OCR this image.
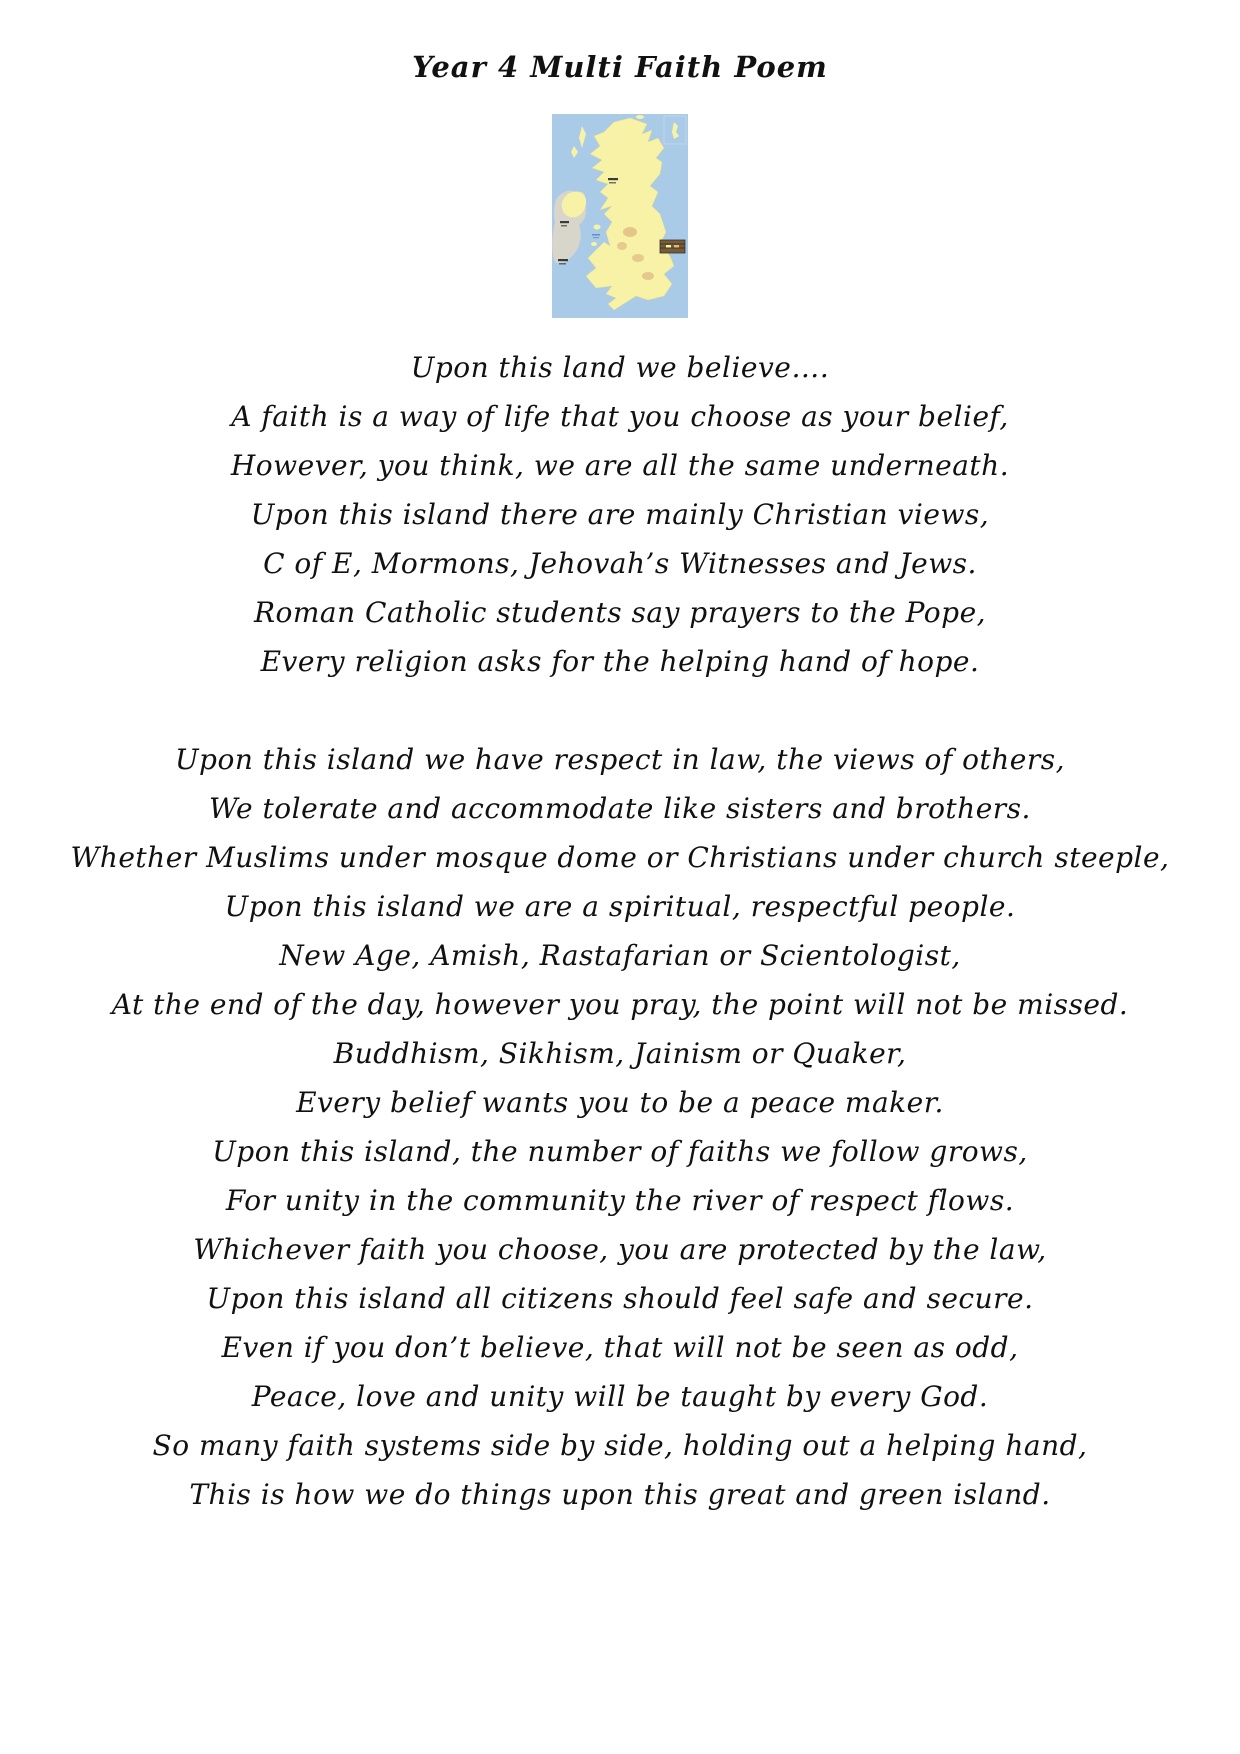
Year 4 Multi Faith Poem

Upon this land we believe….

A faith is a way of life that you choose as your belief,

However, you think, we are all the same underneath.

Upon this island there are mainly Christian views,

C of E, Mormons, Jehovah’s Witnesses and Jews.

Roman Catholic students say prayers to the Pope,

Every religion asks for the helping hand of hope.

Upon this island we have respect in law, the views of others,

We tolerate and accommodate like sisters and brothers.

Whether Muslims under mosque dome or Christians under church steeple,

Upon this island we are a spiritual, respectful people.

New Age, Amish, Rastafarian or Scientologist,

At the end of the day, however you pray, the point will not be missed.

Buddhism, Sikhism, Jainism or Quaker,

Every belief wants you to be a peace maker.

Upon this island, the number of faiths we follow grows,

For unity in the community the river of respect flows.

Whichever faith you choose, you are protected by the law,

Upon this island all citizens should feel safe and secure.

Even if you don’t believe, that will not be seen as odd,

Peace, love and unity will be taught by every God.

So many faith systems side by side, holding out a helping hand,

This is how we do things upon this great and green island.
